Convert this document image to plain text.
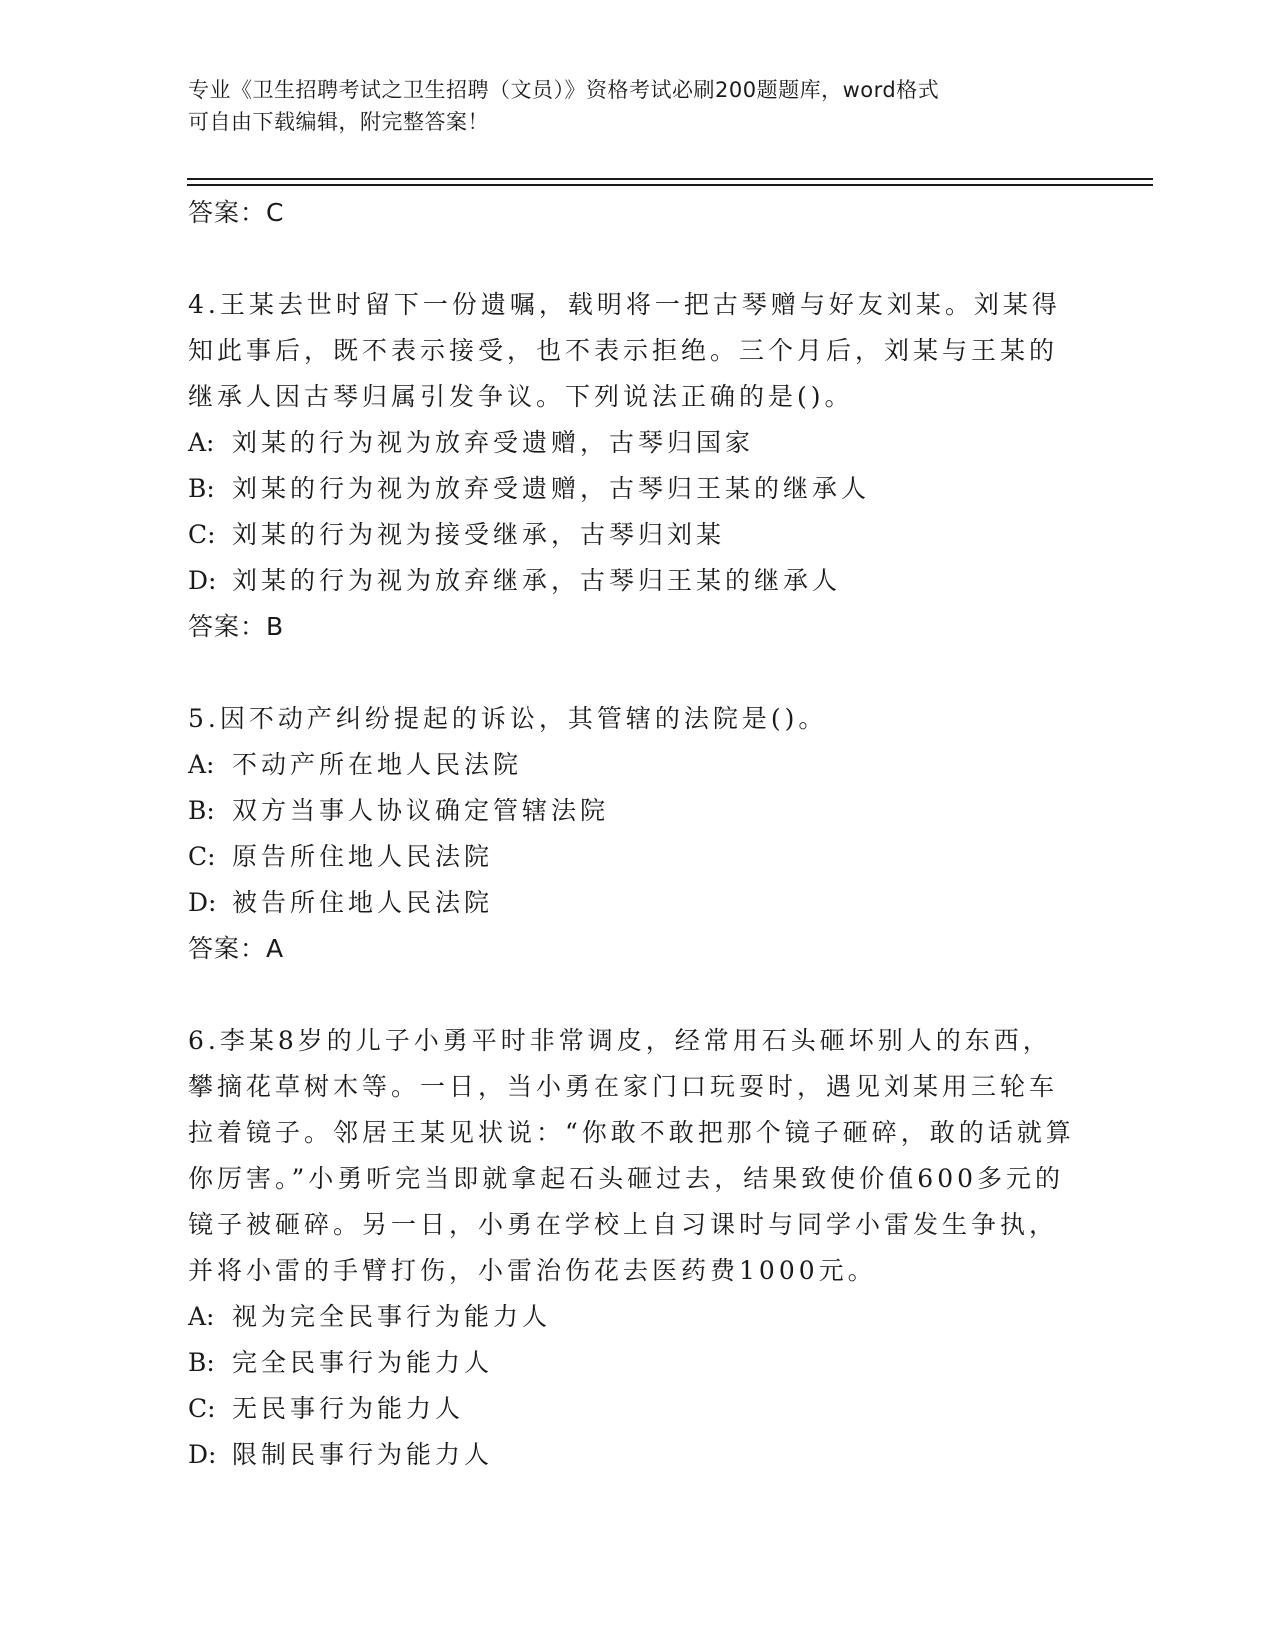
专业《卫生招聘考试之卫生招聘（文员）》资格考试必刷200题题库，word格式
可自由下载编辑，附完整答案！

答案：C

4.王某去世时留下一份遗嘱，载明将一把古琴赠与好友刘某。刘某得知此事后，既不表示接受，也不表示拒绝。三个月后，刘某与王某的继承人因古琴归属引发争议。下列说法正确的是()。

A: 刘某的行为视为放弃受遗赠，古琴归国家

B: 刘某的行为视为放弃受遗赠，古琴归王某的继承人

C: 刘某的行为视为接受继承，古琴归刘某

D: 刘某的行为视为放弃继承，古琴归王某的继承人

答案：B

5.因不动产纠纷提起的诉讼，其管辖的法院是()。

A: 不动产所在地人民法院

B: 双方当事人协议确定管辖法院

C: 原告所住地人民法院

D: 被告所住地人民法院

答案：A

6.李某8岁的儿子小勇平时非常调皮，经常用石头砸坏别人的东西，攀摘花草树木等。一日，当小勇在家门口玩耍时，遇见刘某用三轮车拉着镜子。邻居王某见状说：“你敢不敢把那个镜子砸碎，敢的话就算你厉害。”小勇听完当即就拿起石头砸过去，结果致使价值600多元的镜子被砸碎。另一日，小勇在学校上自习课时与同学小雷发生争执，并将小雷的手臂打伤，小雷治伤花去医药费1000元。

A: 视为完全民事行为能力人

B: 完全民事行为能力人

C: 无民事行为能力人

D: 限制民事行为能力人
